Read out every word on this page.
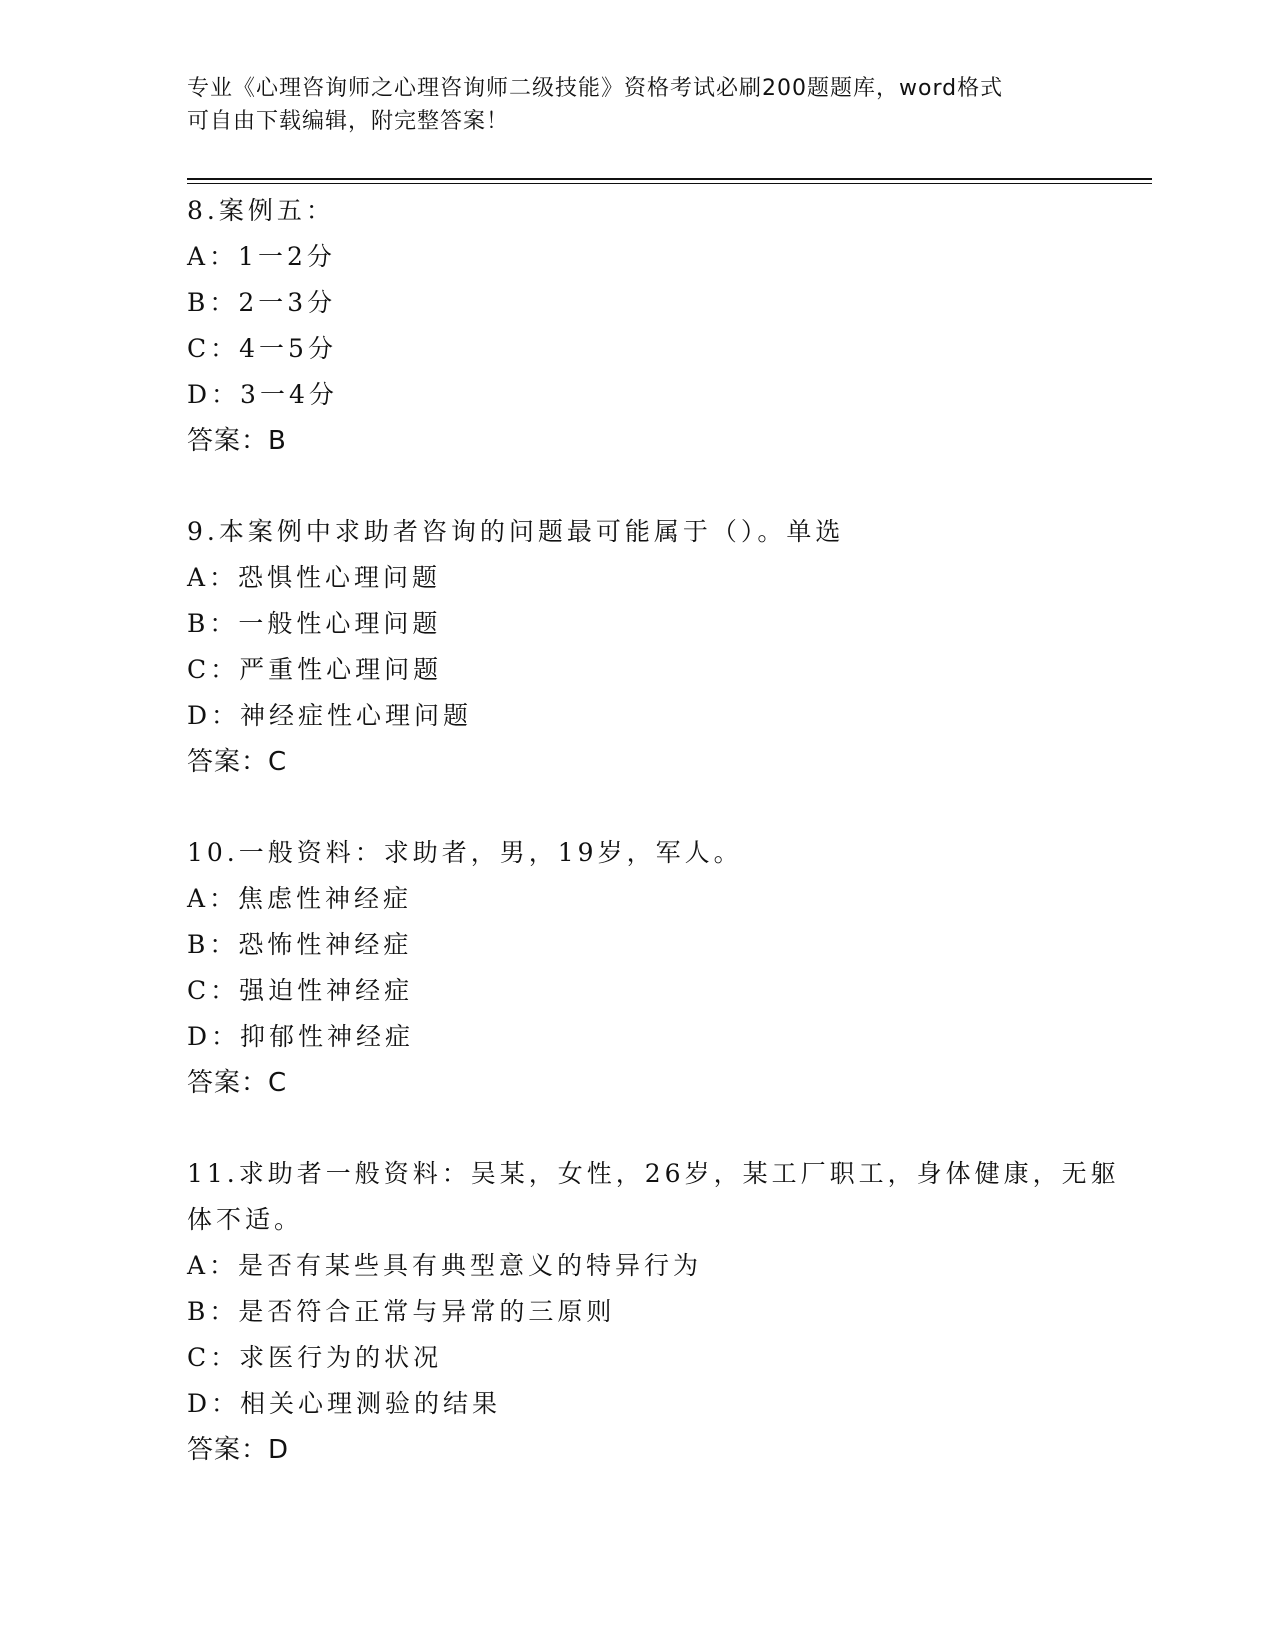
专业《心理咨询师之心理咨询师二级技能》资格考试必刷200题题库，word格式
可自由下载编辑，附完整答案！
8.案例五：
A：1一2分
B：2一3分
C：4一5分
D：3一4分
答案：B
9.本案例中求助者咨询的问题最可能属于（）。单选
A：恐惧性心理问题
B：一般性心理问题
C：严重性心理问题
D：神经症性心理问题
答案：C
10.一般资料：求助者，男，19岁，军人。
A：焦虑性神经症
B：恐怖性神经症
C：强迫性神经症
D：抑郁性神经症
答案：C
11.求助者一般资料：吴某，女性，26岁，某工厂职工，身体健康，无躯体不适。
A：是否有某些具有典型意义的特异行为
B：是否符合正常与异常的三原则
C：求医行为的状况
D：相关心理测验的结果
答案：D
